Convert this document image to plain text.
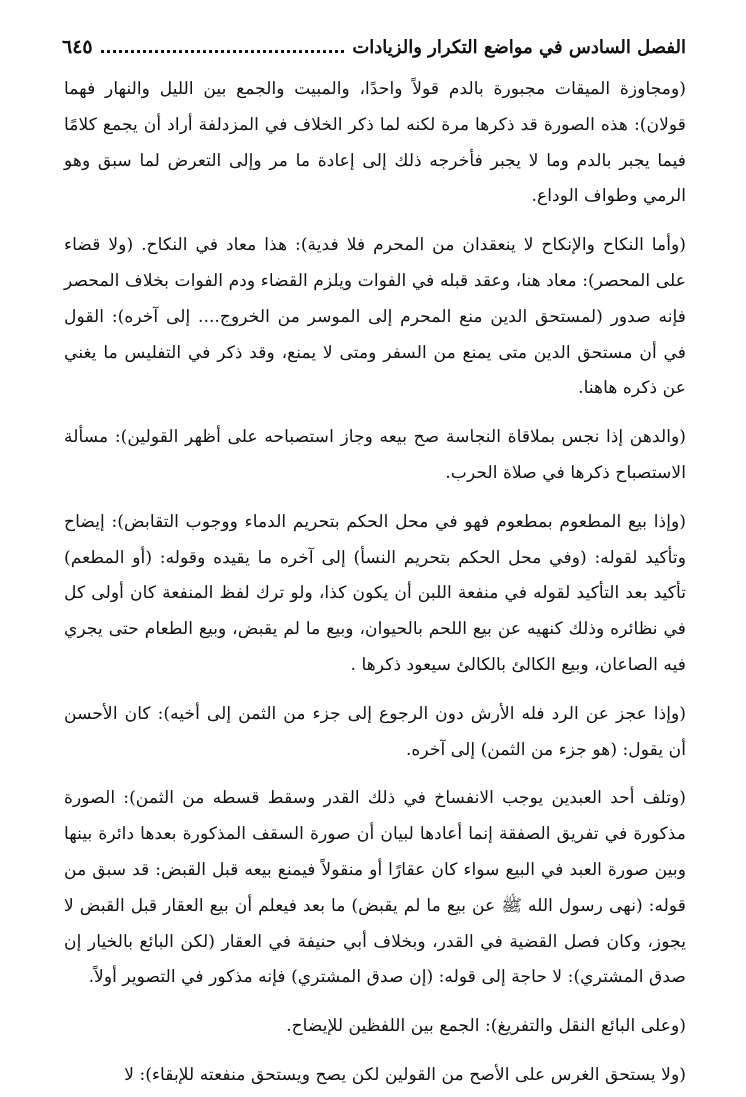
الفصل السادس في مواضع التكرار والزيادات
٦٤٥

(ومجاوزة الميقات مجبورة بالدم قولاً واحدًا، والمبيت والجمع بين الليل والنهار فهما قولان): هذه الصورة قد ذكرها مرة لكنه لما ذكر الخلاف في المزدلفة أراد أن يجمع كلامًا فيما يجبر بالدم وما لا يجبر فأخرجه ذلك إلى إعادة ما مر وإلى التعرض لما سبق وهو الرمي وطواف الوداع.

(وأما النكاح والإنكاح لا ينعقدان من المحرم فلا فدية): هذا معاد في النكاح. (ولا قضاء على المحصر): معاد هنا، وعقد قبله في الفوات ويلزم القضاء ودم الفوات بخلاف المحصر فإنه صدور (لمستحق الدين منع المحرم إلى الموسر من الخروج.... إلى آخره): القول في أن مستحق الدين متى يمنع من السفر ومتى لا يمنع، وقد ذكر في التفليس ما يغني عن ذكره هاهنا.

(والدهن إذا نجس بملاقاة النجاسة صح بيعه وجاز استصباحه على أظهر القولين): مسألة الاستصباح ذكرها في صلاة الحرب.

(وإذا بيع المطعوم بمطعوم فهو في محل الحكم بتحريم الدماء ووجوب التقابض): إيضاح وتأكيد لقوله: (وفي محل الحكم بتحريم النسأ) إلى آخره ما يقيده وقوله: (أو المطعم) تأكيد بعد التأكيد لقوله في منفعة اللبن أن يكون كذا، ولو ترك لفظ المنفعة كان أولى كل في نظائره وذلك كنهيه عن بيع اللحم بالحيوان، وبيع ما لم يقبض، وبيع الطعام حتى يجري فيه الصاعان، وبيع الكالئ بالكالئ سيعود ذكرها .

(وإذا عجز عن الرد فله الأرش دون الرجوع إلى جزء من الثمن إلى أخيه): كان الأحسن أن يقول: (هو جزء من الثمن) إلى آخره.

(وتلف أحد العبدين يوجب الانفساخ في ذلك القدر وسقط قسطه من الثمن): الصورة مذكورة في تفريق الصفقة إنما أعادها لبيان أن صورة السقف المذكورة بعدها دائرة بينها وبين صورة العبد في البيع سواء كان عقارًا أو منقولاً فيمنع بيعه قبل القبض: قد سبق من قوله: (نهى رسول الله ﷺ عن بيع ما لم يقبض) ما بعد فيعلم أن بيع العقار قبل القبض لا يجوز، وكان فصل القضية في القدر، وبخلاف أبي حنيفة في العقار (لكن البائع بالخيار إن صدق المشتري): لا حاجة إلى قوله: (إن صدق المشتري) فإنه مذكور في التصوير أولاً.

(وعلى البائع النقل والتفريغ): الجمع بين اللفظين للإيضاح.

(ولا يستحق الغرس على الأصح من القولين لكن يصح ويستحق منفعته للإبقاء): لا
